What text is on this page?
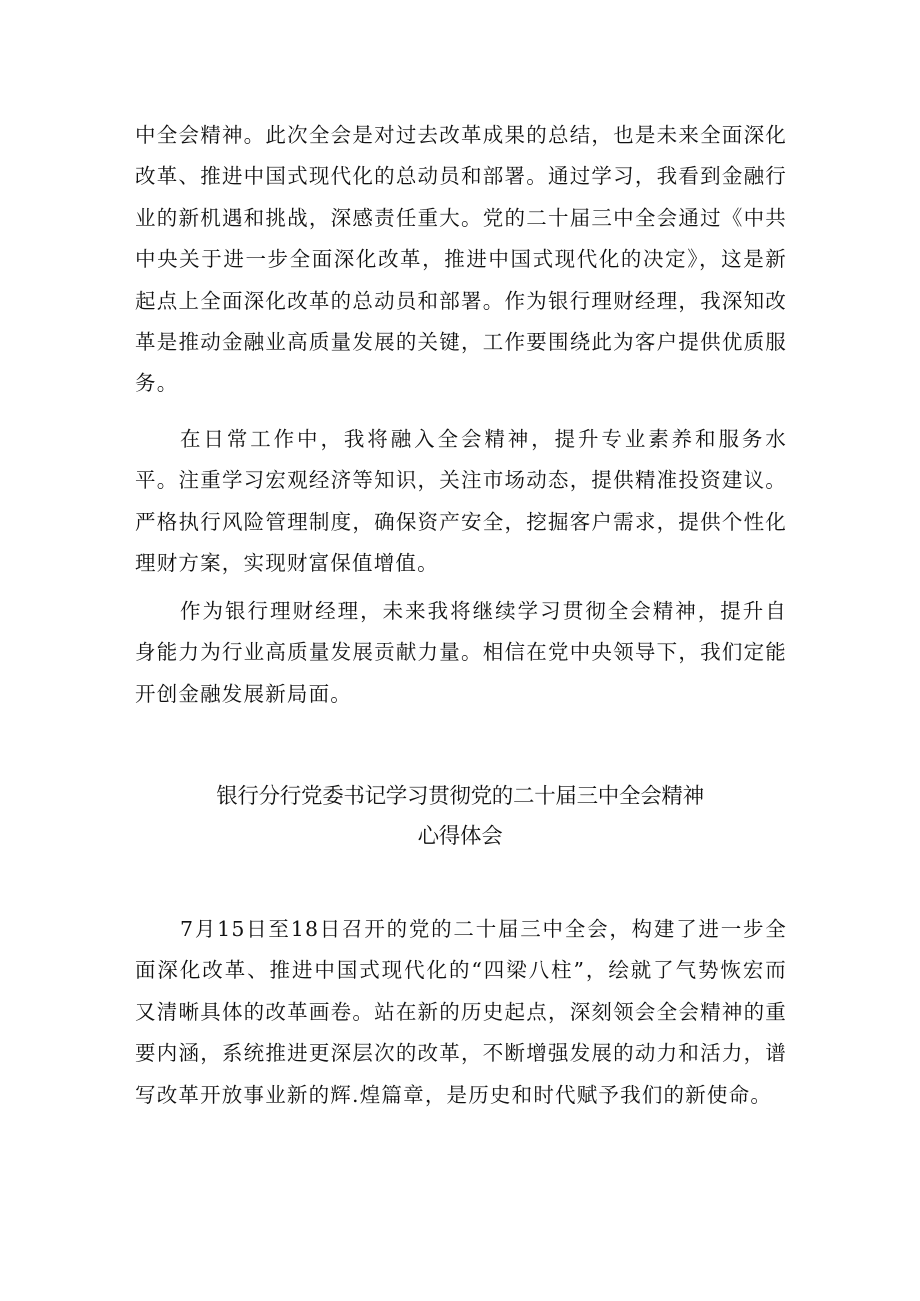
中全会精神。此次全会是对过去改革成果的总结，也是未来全面深化改革、推进中国式现代化的总动员和部署。通过学习，我看到金融行业的新机遇和挑战，深感责任重大。党的二十届三中全会通过《中共中央关于进一步全面深化改革，推进中国式现代化的决定》，这是新起点上全面深化改革的总动员和部署。作为银行理财经理，我深知改革是推动金融业高质量发展的关键，工作要围绕此为客户提供优质服务。

在日常工作中，我将融入全会精神，提升专业素养和服务水平。注重学习宏观经济等知识，关注市场动态，提供精准投资建议。严格执行风险管理制度，确保资产安全，挖掘客户需求，提供个性化理财方案，实现财富保值增值。

作为银行理财经理，未来我将继续学习贯彻全会精神，提升自身能力为行业高质量发展贡献力量。相信在党中央领导下，我们定能开创金融发展新局面。

银行分行党委书记学习贯彻党的二十届三中全会精神
心得体会

7月15日至18日召开的党的二十届三中全会，构建了进一步全面深化改革、推进中国式现代化的“四梁八柱”，绘就了气势恢宏而又清晰具体的改革画卷。站在新的历史起点，深刻领会全会精神的重要内涵，系统推进更深层次的改革，不断增强发展的动力和活力，谱写改革开放事业新的辉.煌篇章，是历史和时代赋予我们的新使命。
